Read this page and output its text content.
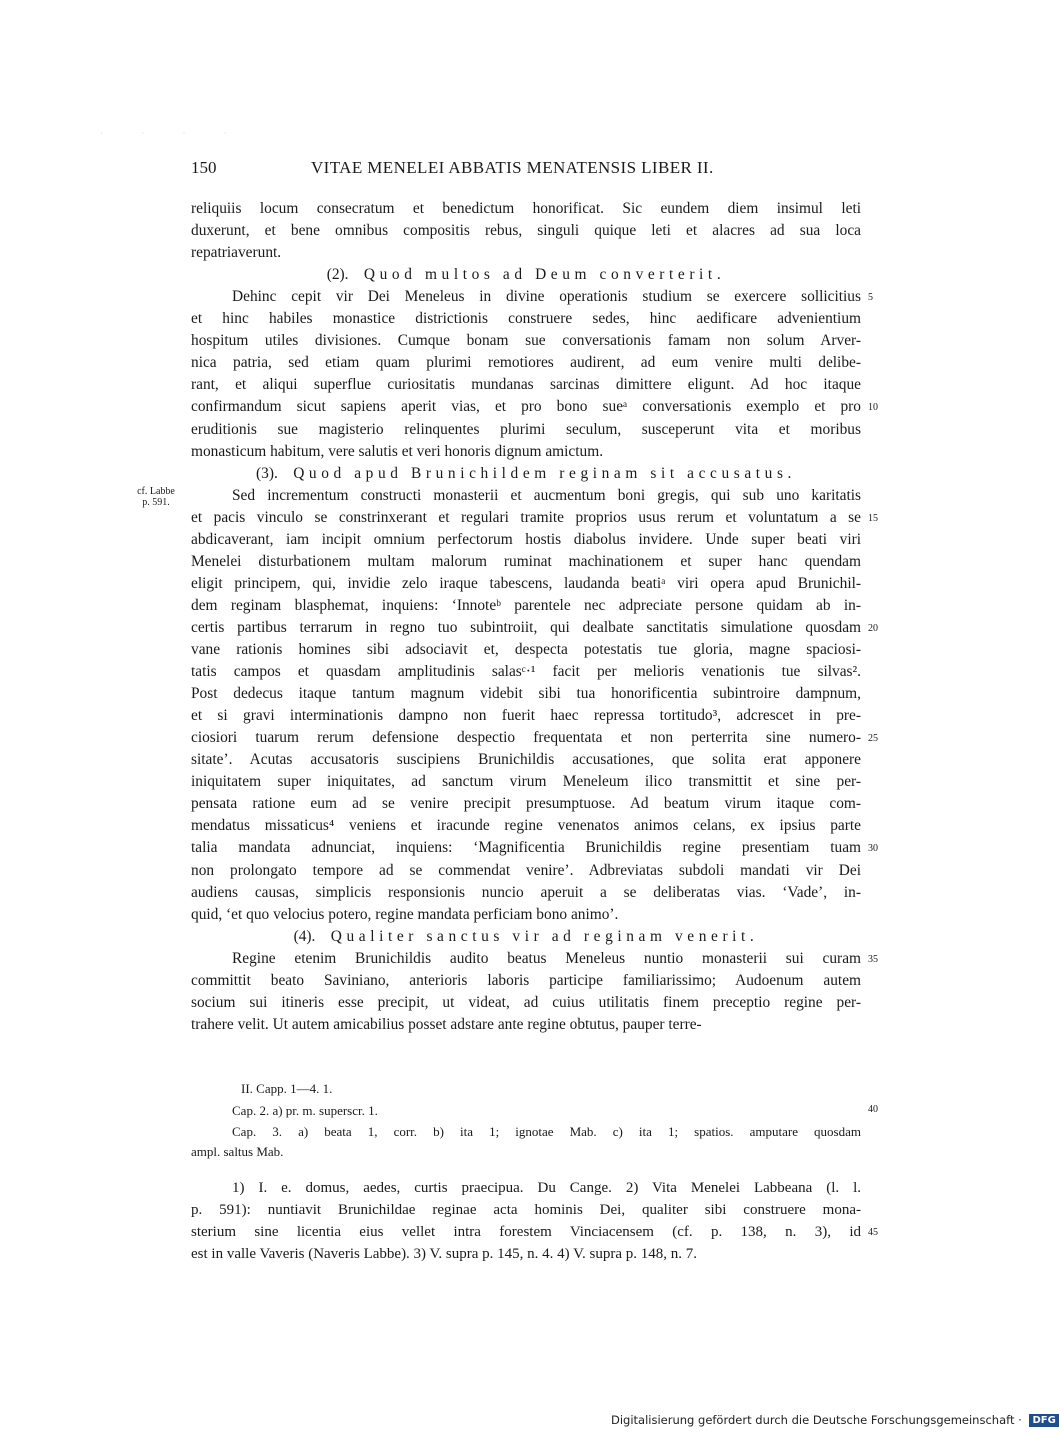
· · · ·
150	VITAE MENELEI ABBATIS MENATENSIS LIBER II.
reliquiis locum consecratum et benedictum honorificat. Sic eundem diem insimul leti
duxerunt, et bene omnibus compositis rebus, singuli quique leti et alacres ad sua loca
repatriaverunt.
(2).  Quod multos ad Deum converterit.
Dehinc cepit vir Dei Meneleus in divine operationis studium se exercere sollicitius 5
et hinc habiles monastice districtionis construere sedes, hinc aedificare advenientium
hospitum utiles divisiones. Cumque bonam sue conversationis famam non solum Arver-
nica patria, sed etiam quam plurimi remotiores audirent, ad eum venire multi delibe-
rant, et aliqui superflue curiositatis mundanas sarcinas dimittere eligunt. Ad hoc itaque
confirmandum sicut sapiens aperit vias, et pro bono sueᵃ conversationis exemplo et pro 10
eruditionis sue magisterio relinquentes plurimi seculum, susceperunt vita et moribus
monasticum habitum, vere salutis et veri honoris dignum amictum.
(3).  Quod apud Brunichildem reginam sit accusatus.
Sed incrementum constructi monasterii et aucmentum boni gregis, qui sub uno karitatis
cf. Labbe p. 591.
et pacis vinculo se constrinxerant et regulari tramite proprios usus rerum et voluntatum a se 15
abdicaverant, iam incipit omnium perfectorum hostis diabolus invidere. Unde super beati viri
Menelei disturbationem multam malorum ruminat machinationem et super hanc quendam
eligit principem, qui, invidie zelo iraque tabescens, laudanda beatiᵃ viri opera apud Brunichil-
dem reginam blasphemat, inquiens: ‘Innoteᵇ parentele nec adpreciate persone quidam ab in-
certis partibus terrarum in regno tuo subintroiit, qui dealbate sanctitatis simulatione quosdam 20
vane rationis homines sibi adsociavit et, despecta potestatis tue gloria, magne spaciosi-
tatis campos et quasdam amplitudinis salasᶜ·¹ facit per melioris venationis tue silvas².
Post dedecus itaque tantum magnum videbit sibi tua honorificentia subintroire dampnum,
et si gravi interminationis dampno non fuerit haec repressa tortitudo³, adcrescet in pre-
ciosiori tuarum rerum defensione despectio frequentata et non perterrita sine numero- 25
sitate’. Acutas accusatoris suscipiens Brunichildis accusationes, que solita erat apponere
iniquitatem super iniquitates, ad sanctum virum Meneleum ilico transmittit et sine per-
pensata ratione eum ad se venire precipit presumptuose. Ad beatum virum itaque com-
mendatus missaticus⁴ veniens et iracunde regine venenatos animos celans, ex ipsius parte
talia mandata adnunciat, inquiens: ‘Magnificentia Brunichildis regine presentiam tuam 30
non prolongato tempore ad se commendat venire’. Adbreviatas subdoli mandati vir Dei
audiens causas, simplicis responsionis nuncio aperuit a se deliberatas vias. ‘Vade’, in-
quid, ‘et quo velocius potero, regine mandata perficiam bono animo’.
(4).  Qualiter sanctus vir ad reginam venerit.
Regine etenim Brunichildis audito beatus Meneleus nuntio monasterii sui curam 35
committit beato Saviniano, anterioris laboris participe familiarissimo; Audoenum autem
socium sui itineris esse precipit, ut videat, ad cuius utilitatis finem preceptio regine per-
trahere velit. Ut autem amicabilius posset adstare ante regine obtutus, pauper terre-
II. Capp. 1—4. 1.
Cap. 2. a) pr. m. superscr. 1.	40
Cap. 3. a) beata 1, corr. b) ita 1; ignotae Mab. c) ita 1; spatios. amputare quosdam
ampl. saltus Mab.
1) I. e. domus, aedes, curtis praecipua. Du Cange. 2) Vita Menelei Labbeana (l. l.
p. 591): nuntiavit Brunichildae reginae acta hominis Dei, qualiter sibi construere mona-
sterium sine licentia eius vellet intra forestem Vinciacensem (cf. p. 138, n. 3), id 45
est in valle Vaveris (Naveris Labbe). 3) V. supra p. 145, n. 4. 4) V. supra p. 148, n. 7.
Digitalisierung gefördert durch die Deutsche Forschungsgemeinschaft · DFG
